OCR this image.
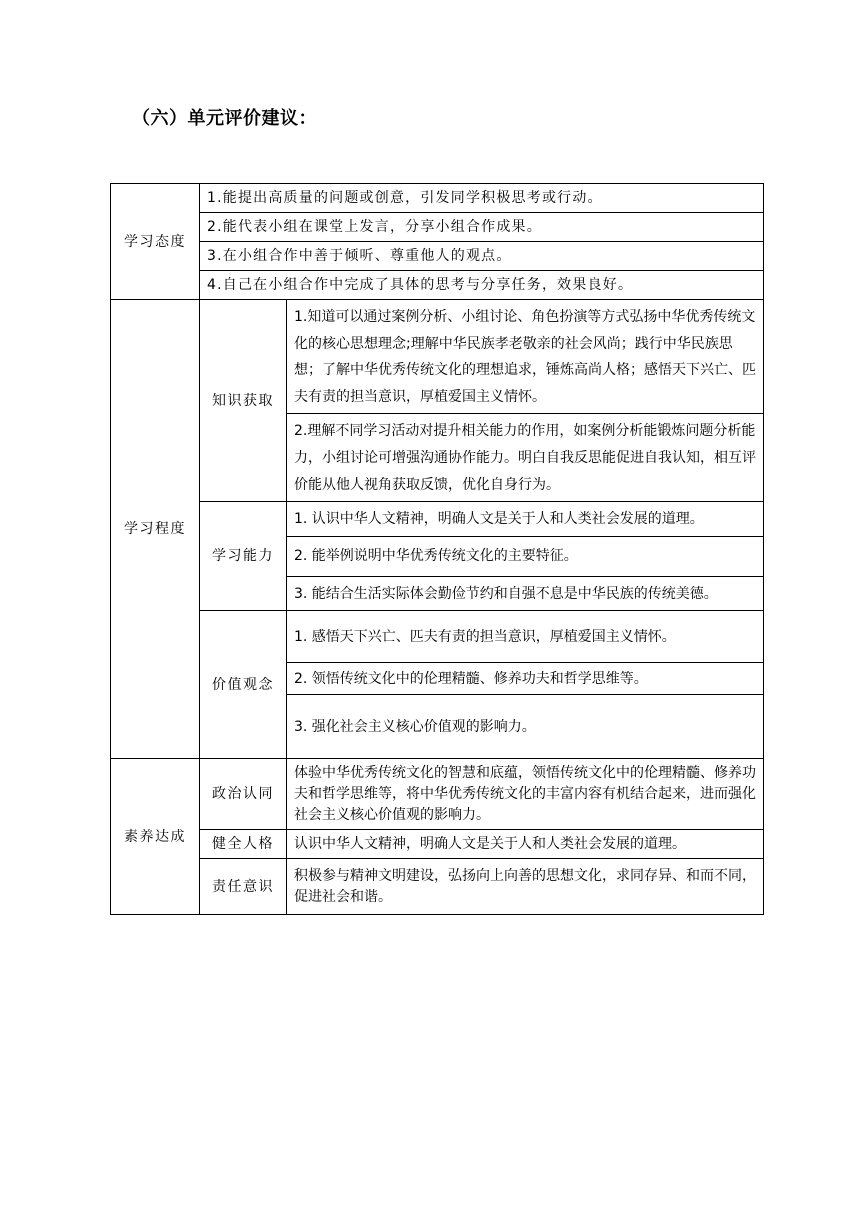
（六）单元评价建议：
学习态度	1.能提出高质量的问题或创意，引发同学积极思考或行动。	
	2.能代表小组在课堂上发言，分享小组合作成果。	
	3.在小组合作中善于倾听、尊重他人的观点。	
	4.自己在小组合作中完成了具体的思考与分享任务，效果良好。	
学习程度	知识获取	1.知道可以通过案例分析、小组讨论、角色扮演等方式弘扬中华优秀传统文化的核心思想理念;理解中华民族孝老敬亲的社会风尚；践行中华民族思想；了解中华优秀传统文化的理想追求，锤炼高尚人格；感悟天下兴亡、匹夫有责的担当意识，厚植爱国主义情怀。
		2.理解不同学习活动对提升相关能力的作用，如案例分析能锻炼问题分析能力，小组讨论可增强沟通协作能力。明白自我反思能促进自我认知，相互评价能从他人视角获取反馈，优化自身行为。
	学习能力	1. 认识中华人文精神，明确人文是关于人和人类社会发展的道理。
		2. 能举例说明中华优秀传统文化的主要特征。
		3. 能结合生活实际体会勤俭节约和自强不息是中华民族的传统美德。
	价值观念	1. 感悟天下兴亡、匹夫有责的担当意识，厚植爱国主义情怀。
		2. 领悟传统文化中的伦理精髓、修养功夫和哲学思维等。
		3. 强化社会主义核心价值观的影响力。
素养达成	政治认同	体验中华优秀传统文化的智慧和底蕴，领悟传统文化中的伦理精髓、修养功夫和哲学思维等，将中华优秀传统文化的丰富内容有机结合起来，进而强化社会主义核心价值观的影响力。
	健全人格	认识中华人文精神，明确人文是关于人和人类社会发展的道理。
	责任意识	积极参与精神文明建设，弘扬向上向善的思想文化，求同存异、和而不同，促进社会和谐。
